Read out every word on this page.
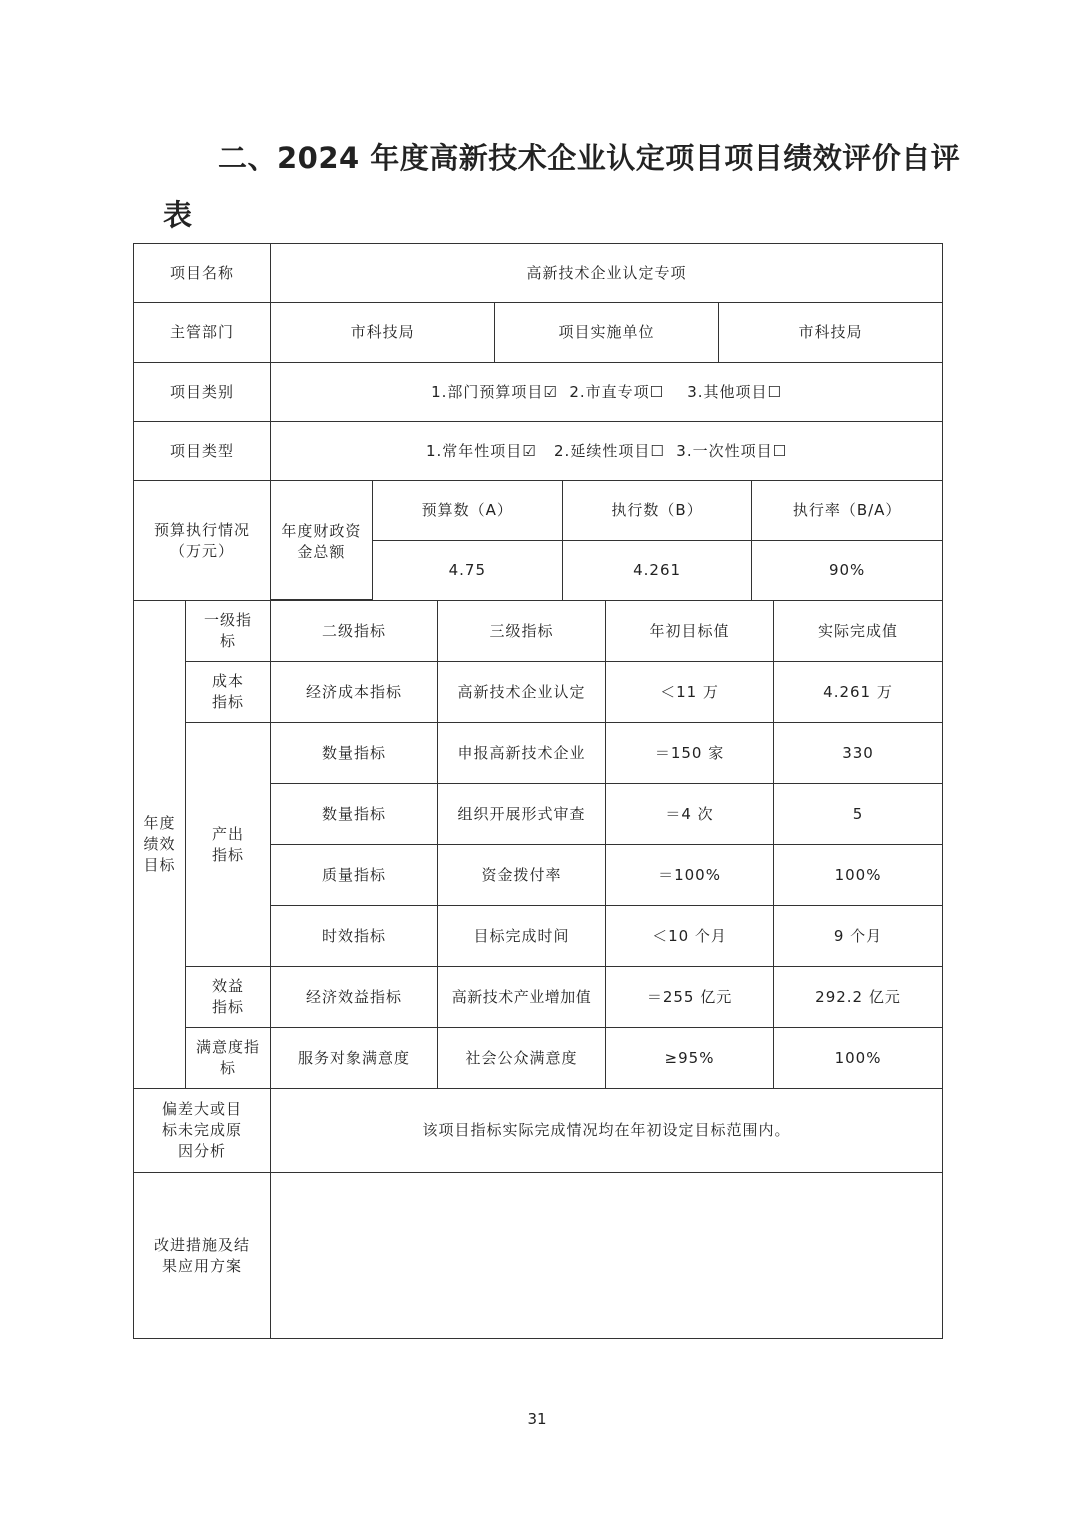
二、2024 年度高新技术企业认定项目项目绩效评价自评
表
项目名称	高新技术企业认定专项
主管部门		市科技局	项目实施单位	市科技局

项目类别	1.部门预算项目☑  2.市直专项☐    3.其他项目☐
项目类型	1.常年性项目☑   2.延续性项目☐  3.一次性项目☐
预算执行情况（万元）	
年度财政资金总额	预算数（A）	执行数（B）	执行率（B/A）
4.75	4.261	90%

年度绩效目标	一级指标	二级指标	三级指标	年初目标值	实际完成值
成本指标	经济成本指标	高新技术企业认定	＜11 万	4.261 万
产出指标	数量指标	申报高新技术企业	＝150 家	330
数量指标	组织开展形式审查	＝4 次	5
质量指标	资金拨付率	＝100%	100%
时效指标	目标完成时间	＜10 个月	9 个月
效益指标	经济效益指标	高新技术产业增加值	＝255 亿元	292.2 亿元
满意度指标	服务对象满意度	社会公众满意度	≥95%	100%
偏差大或目标未完成原因分析	该项目指标实际完成情况均在年初设定目标范围内。
改进措施及结果应用方案	
31
